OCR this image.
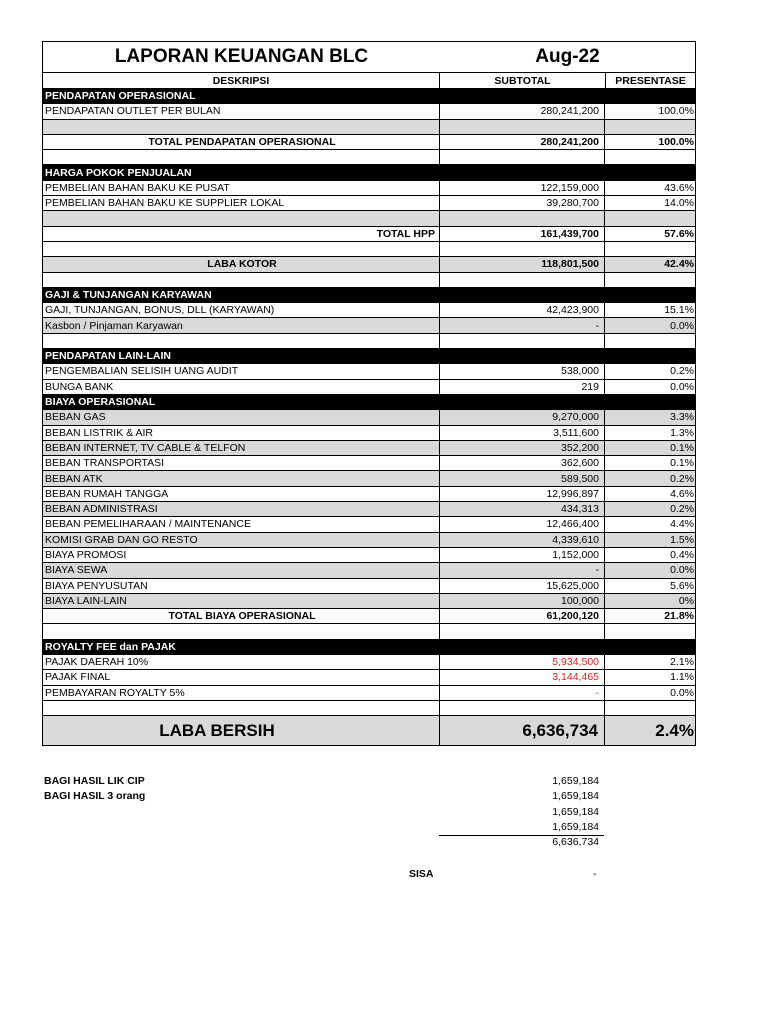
LAPORAN KEUANGAN BLC	Aug-22
DESKRIPSI	SUBTOTAL	PRESENTASE
PENDAPATAN OPERASIONAL
PENDAPATAN OUTLET PER BULAN	280,241,200	100.0%
TOTAL PENDAPATAN OPERASIONAL	280,241,200	100.0%
HARGA POKOK PENJUALAN
PEMBELIAN BAHAN BAKU KE PUSAT	122,159,000	43.6%
PEMBELIAN BAHAN BAKU KE SUPPLIER LOKAL	39,280,700	14.0%
TOTAL HPP	161,439,700	57.6%
LABA KOTOR	118,801,500	42.4%
GAJI & TUNJANGAN KARYAWAN
GAJI, TUNJANGAN, BONUS, DLL (KARYAWAN)	42,423,900	15.1%
Kasbon / Pinjaman Karyawan	-	0.0%
PENDAPATAN LAIN-LAIN
PENGEMBALIAN SELISIH UANG AUDIT	538,000	0.2%
BUNGA BANK	219	0.0%
BIAYA OPERASIONAL
BEBAN GAS	9,270,000	3.3%
BEBAN LISTRIK & AIR	3,511,600	1.3%
BEBAN INTERNET, TV CABLE & TELFON	352,200	0.1%
BEBAN TRANSPORTASI	362,600	0.1%
BEBAN ATK	589,500	0.2%
BEBAN RUMAH TANGGA	12,996,897	4.6%
BEBAN ADMINISTRASI	434,313	0.2%
BEBAN PEMELIHARAAN / MAINTENANCE	12,466,400	4.4%
KOMISI GRAB DAN GO RESTO	4,339,610	1.5%
BIAYA PROMOSI	1,152,000	0.4%
BIAYA SEWA	-	0.0%
BIAYA PENYUSUTAN	15,625,000	5.6%
BIAYA LAIN-LAIN	100,000	0%
TOTAL BIAYA OPERASIONAL	61,200,120	21.8%
ROYALTY FEE dan PAJAK
PAJAK DAERAH 10%	5,934,500	2.1%
PAJAK FINAL	3,144,465	1.1%
PEMBAYARAN ROYALTY 5%	-	0.0%
LABA BERSIH	6,636,734	2.4%
BAGI HASIL LIK CIP	1,659,184
BAGI HASIL 3 orang	1,659,184
1,659,184
1,659,184
6,636,734
SISA	-
